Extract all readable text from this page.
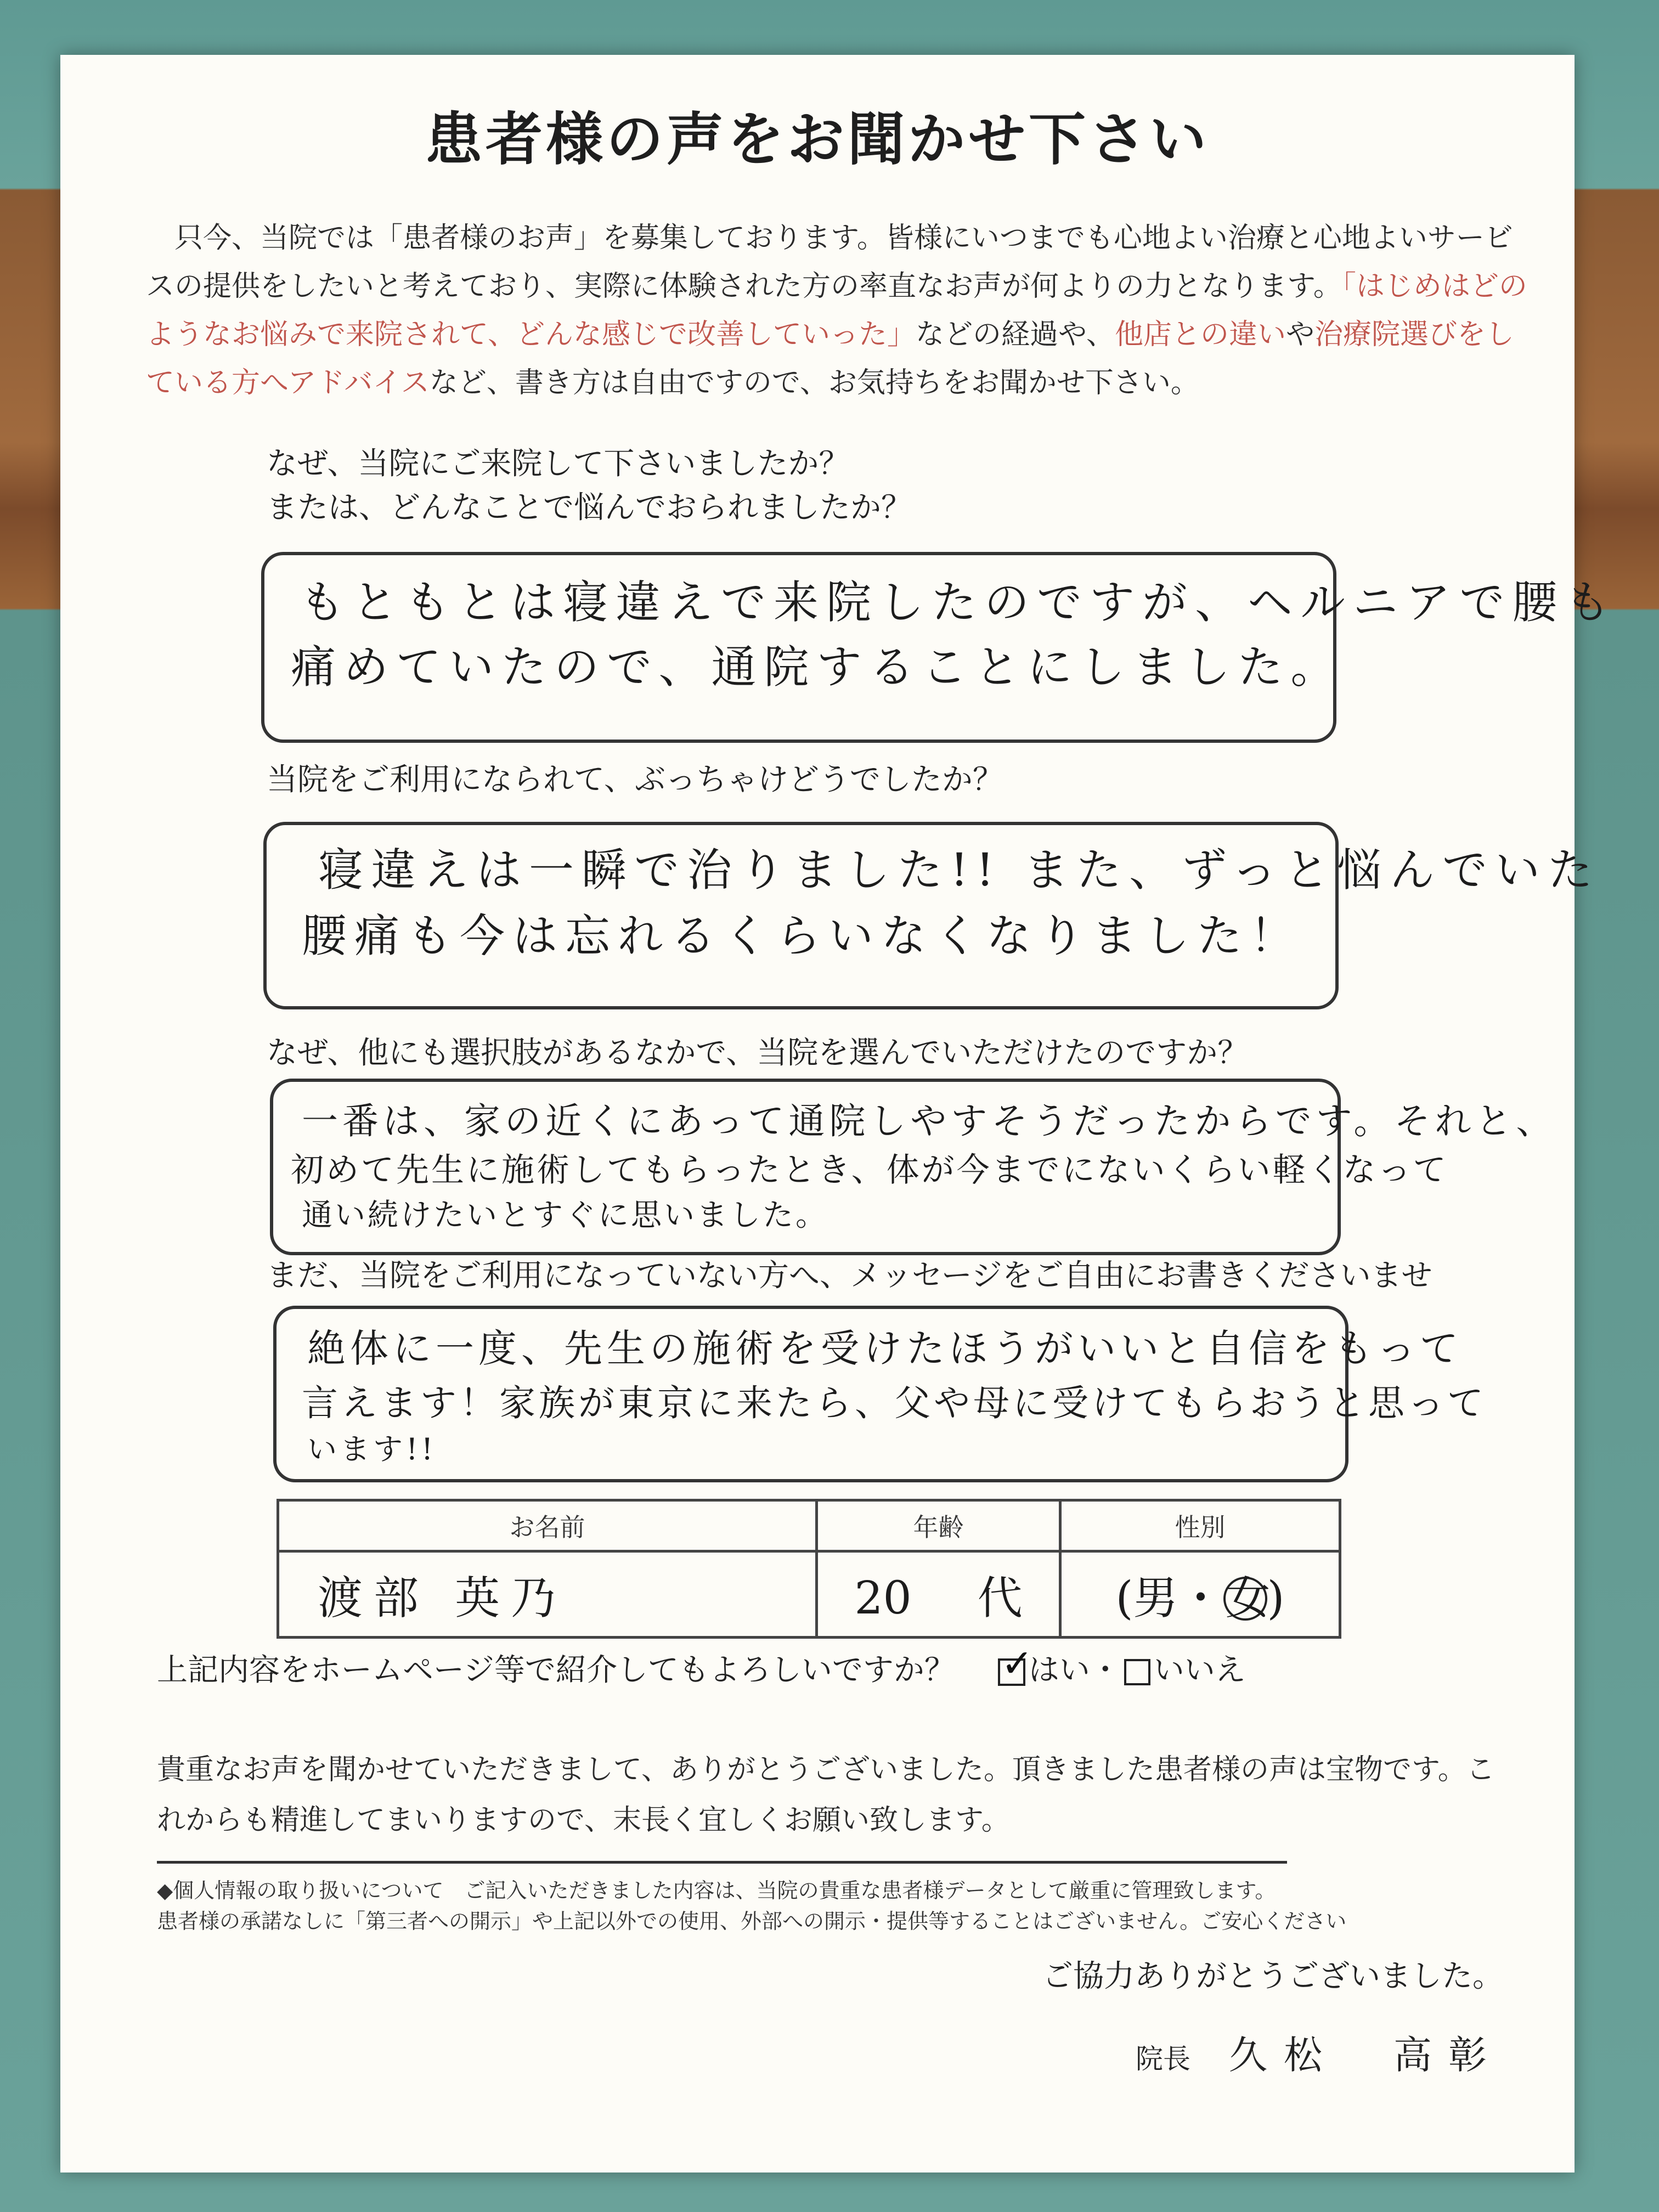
患者様の声をお聞かせ下さい
只今、当院では「患者様のお声」を募集しております。皆様にいつまでも心地よい治療と心地よいサービスの提供をしたいと考えており、実際に体験された方の率直なお声が何よりの力となります。「はじめはどのようなお悩みで来院されて、どんな感じで改善していった」などの経過や、他店との違いや治療院選びをしている方へアドバイスなど、書き方は自由ですので、お気持ちをお聞かせ下さい。
なぜ、当院にご来院して下さいましたか？
または、どんなことで悩んでおられましたか？
もともとは寝違えで来院したのですが、ヘルニアで腰も
痛めていたので、通院することにしました。
当院をご利用になられて、ぶっちゃけどうでしたか？
寝違えは一瞬で治りました!! また、ずっと悩んでいた
腰痛も今は忘れるくらいなくなりました！
なぜ、他にも選択肢があるなかで、当院を選んでいただけたのですか？
一番は、家の近くにあって通院しやすそうだったからです。それと、
初めて先生に施術してもらったとき、体が今までにないくらい軽くなって
通い続けたいとすぐに思いました。
まだ、当院をご利用になっていない方へ、メッセージをご自由にお書きくださいませ
絶体に一度、先生の施術を受けたほうがいいと自信をもって
言えます！家族が東京に来たら、父や母に受けてもらおうと思って
います!!
お名前	年齢	性別
渡部 英乃	20 代	(男・女)
上記内容をホームページ等で紹介してもよろしいですか？ ✓ はい・ いいえ
貴重なお声を聞かせていただきまして、ありがとうございました。頂きました患者様の声は宝物です。これからも精進してまいりますので、末長く宜しくお願い致します。
◆個人情報の取り扱いについて　ご記入いただきました内容は、当院の貴重な患者様データとして厳重に管理致します。
患者様の承諾なしに「第三者への開示」や上記以外での使用、外部への開示・提供等することはございません。ご安心ください
ご協力ありがとうございました。
院長 久松　高彰
